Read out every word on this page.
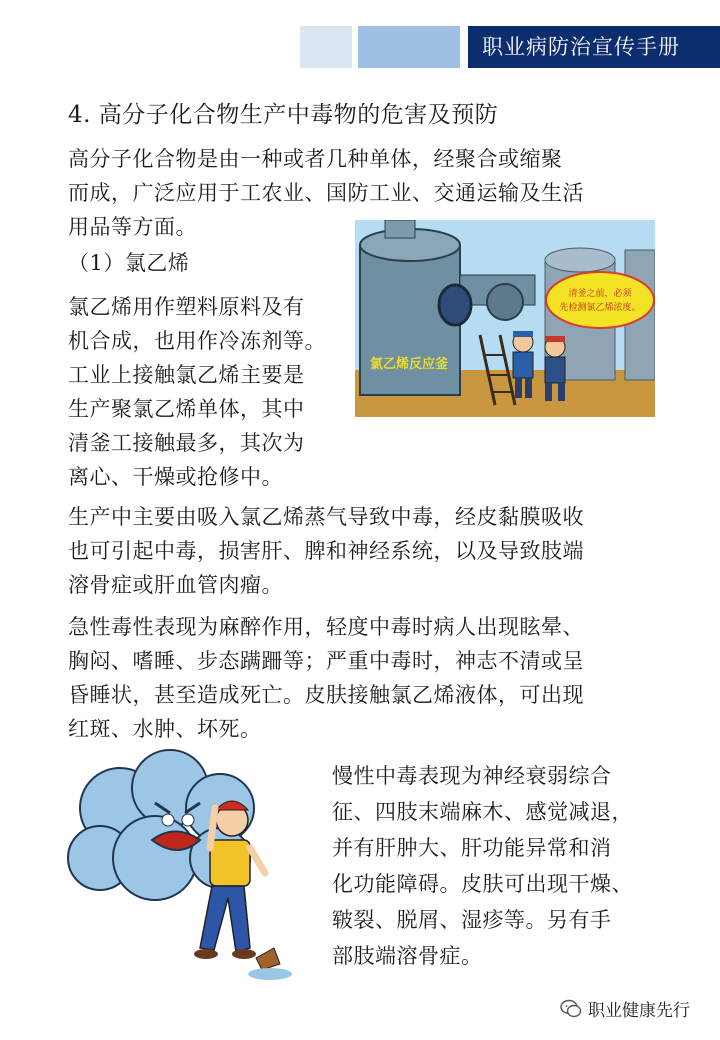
职业病防治宣传手册
4. 高分子化合物生产中毒物的危害及预防
高分子化合物是由一种或者几种单体，经聚合或缩聚
而成，广泛应用于工农业、国防工业、交通运输及生活
用品等方面。
（1）氯乙烯
氯乙烯用作塑料原料及有
机合成，也用作冷冻剂等。
工业上接触氯乙烯主要是
生产聚氯乙烯单体，其中
清釜工接触最多，其次为
离心、干燥或抢修中。
氯乙烯反应釜
清釜之前，必须
先检测氯乙烯浓度。
生产中主要由吸入氯乙烯蒸气导致中毒，经皮黏膜吸收
也可引起中毒，损害肝、脾和神经系统，以及导致肢端
溶骨症或肝血管肉瘤。
急性毒性表现为麻醉作用，轻度中毒时病人出现眩晕、
胸闷、嗜睡、步态蹒跚等；严重中毒时，神志不清或呈
昏睡状，甚至造成死亡。皮肤接触氯乙烯液体，可出现
红斑、水肿、坏死。
慢性中毒表现为神经衰弱综合
征、四肢末端麻木、感觉减退，
并有肝肿大、肝功能异常和消
化功能障碍。皮肤可出现干燥、
皲裂、脱屑、湿疹等。另有手
部肢端溶骨症。
职业健康先行
